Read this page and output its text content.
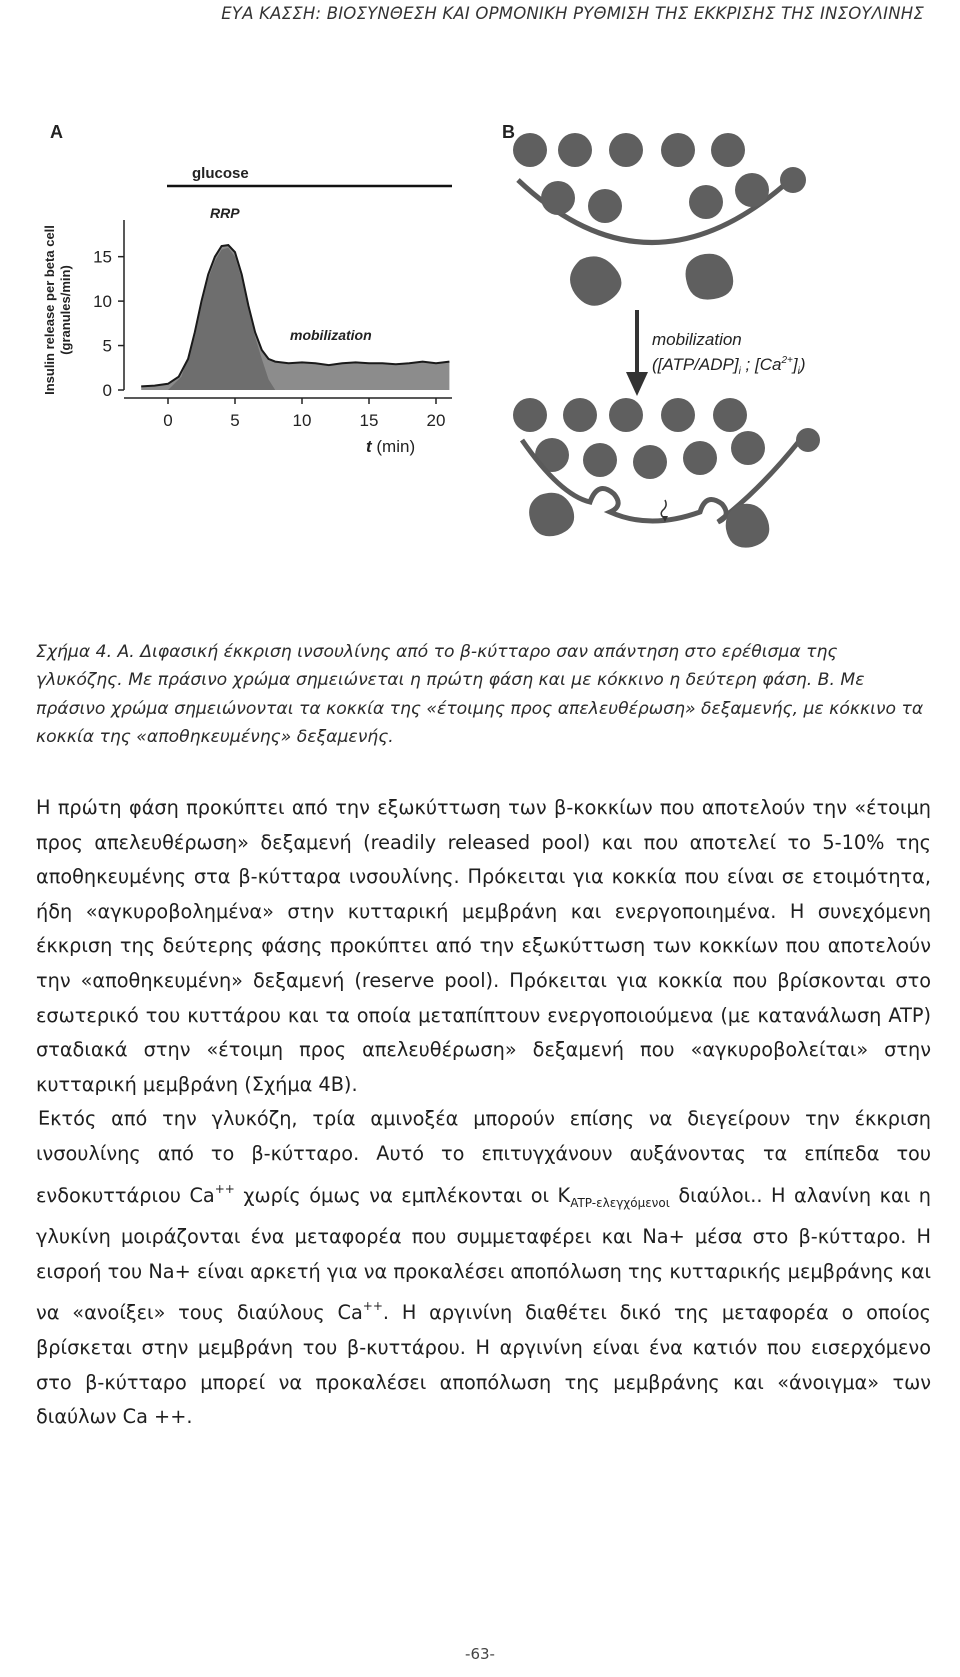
ΕΥΑ ΚΑΣΣΗ: ΒΙΟΣΥΝΘΕΣΗ ΚΑΙ ΟΡΜΟΝΙΚΗ ΡΥΘΜΙΣΗ ΤΗΣ ΕΚΚΡΙΣΗΣ ΤΗΣ ΙΝΣΟΥΛΙΝΗΣ
A	B
glucose
RRP
mobilization
0
5
10
15
0	5	10	15	20
Insulin release per beta cell (granules/min)
t (min)
mobilization
($[ATP/ADP]_i$ ; $[Ca^{2+}]_i$)

Σχήμα 4. Α. Διφασική έκκριση ινσουλίνης από το β-κύτταρο σαν απάντηση στο ερέθισμα της γλυκόζης. Με πράσινο χρώμα σημειώνεται η πρώτη φάση και με κόκκινο η δεύτερη φάση. Β. Με πράσινο χρώμα σημειώνονται τα κοκκία της «έτοιμης προς απελευθέρωση» δεξαμενής, με κόκκινο τα κοκκία της «αποθηκευμένης» δεξαμενής.

Η πρώτη φάση προκύπτει από την εξωκύττωση των β-κοκκίων που αποτελούν την «έτοιμη προς απελευθέρωση» δεξαμενή (readily released pool) και που αποτελεί το 5-10% της αποθηκευμένης στα β-κύτταρα ινσουλίνης. Πρόκειται για κοκκία που είναι σε ετοιμότητα, ήδη «αγκυροβολημένα» στην κυτταρική μεμβράνη και ενεργοποιημένα. Η συνεχόμενη έκκριση της δεύτερης φάσης προκύπτει από την εξωκύττωση των κοκκίων που αποτελούν την «αποθηκευμένη» δεξαμενή (reserve pool). Πρόκειται για κοκκία που βρίσκονται στο εσωτερικό του κυττάρου και τα οποία μεταπίπτουν ενεργοποιούμενα (με κατανάλωση ATP) σταδιακά στην «έτοιμη προς απελευθέρωση» δεξαμενή που «αγκυροβολείται» στην κυτταρική μεμβράνη (Σχήμα 4Β).

Εκτός από την γλυκόζη, τρία αμινοξέα μπορούν επίσης να διεγείρουν την έκκριση ινσουλίνης από το β-κύτταρο. Αυτό το επιτυγχάνουν αυξάνοντας τα επίπεδα του ενδοκυττάριου Ca++ χωρίς όμως να εμπλέκονται οι $K_{ATP-\varepsilon\lambda\varepsilon\gamma\chi ό\mu\varepsilon\nu o\iota}$ διαύλοι.. Η αλανίνη και η γλυκίνη μοιράζονται ένα μεταφορέα που συμμεταφέρει και Na+ μέσα στο β-κύτταρο. Η εισροή του Na+ είναι αρκετή για να προκαλέσει αποπόλωση της κυτταρικής μεμβράνης και να «ανοίξει» τους διαύλους Ca++. Η αργινίνη διαθέτει δικό της μεταφορέα ο οποίος βρίσκεται στην μεμβράνη του β-κυττάρου. Η αργινίνη είναι ένα κατιόν που εισερχόμενο στο β-κύτταρο μπορεί να προκαλέσει αποπόλωση της μεμβράνης και «άνοιγμα» των διαύλων Ca ++.

-63-
